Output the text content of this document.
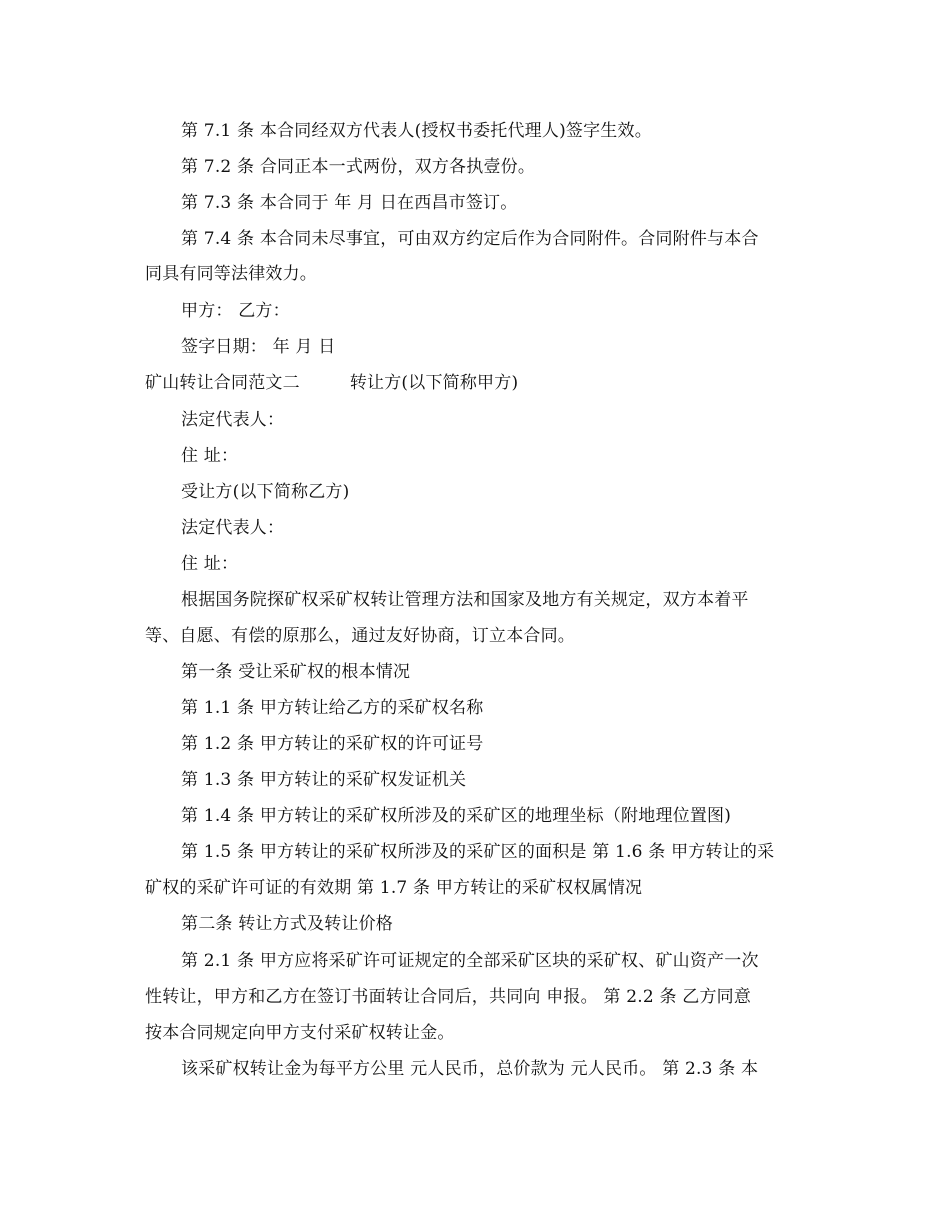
第 7.1 条 本合同经双方代表人(授权书委托代理人)签字生效。
第 7.2 条 合同正本一式两份，双方各执壹份。
第 7.3 条 本合同于 年 月 日在西昌市签订。
第 7.4 条 本合同未尽事宜，可由双方约定后作为合同附件。合同附件与本合
同具有同等法律效力。
甲方： 乙方：
签字日期： 年 月 日
矿山转让合同范文二	转让方(以下简称甲方)
法定代表人：
住 址：
受让方(以下简称乙方)
法定代表人：
住 址：
根据国务院探矿权采矿权转让管理方法和国家及地方有关规定，双方本着平
等、自愿、有偿的原那么，通过友好协商，订立本合同。
第一条 受让采矿权的根本情况
第 1.1 条 甲方转让给乙方的采矿权名称
第 1.2 条 甲方转让的采矿权的许可证号
第 1.3 条 甲方转让的采矿权发证机关
第 1.4 条 甲方转让的采矿权所涉及的采矿区的地理坐标（附地理位置图)
第 1.5 条 甲方转让的采矿权所涉及的采矿区的面积是 第 1.6 条 甲方转让的采
矿权的采矿许可证的有效期 第 1.7 条 甲方转让的采矿权权属情况
第二条 转让方式及转让价格
第 2.1 条 甲方应将采矿许可证规定的全部采矿区块的采矿权、矿山资产一次
性转让，甲方和乙方在签订书面转让合同后，共同向 申报。 第 2.2 条 乙方同意
按本合同规定向甲方支付采矿权转让金。
该采矿权转让金为每平方公里 元人民币，总价款为 元人民币。 第 2.3 条 本
